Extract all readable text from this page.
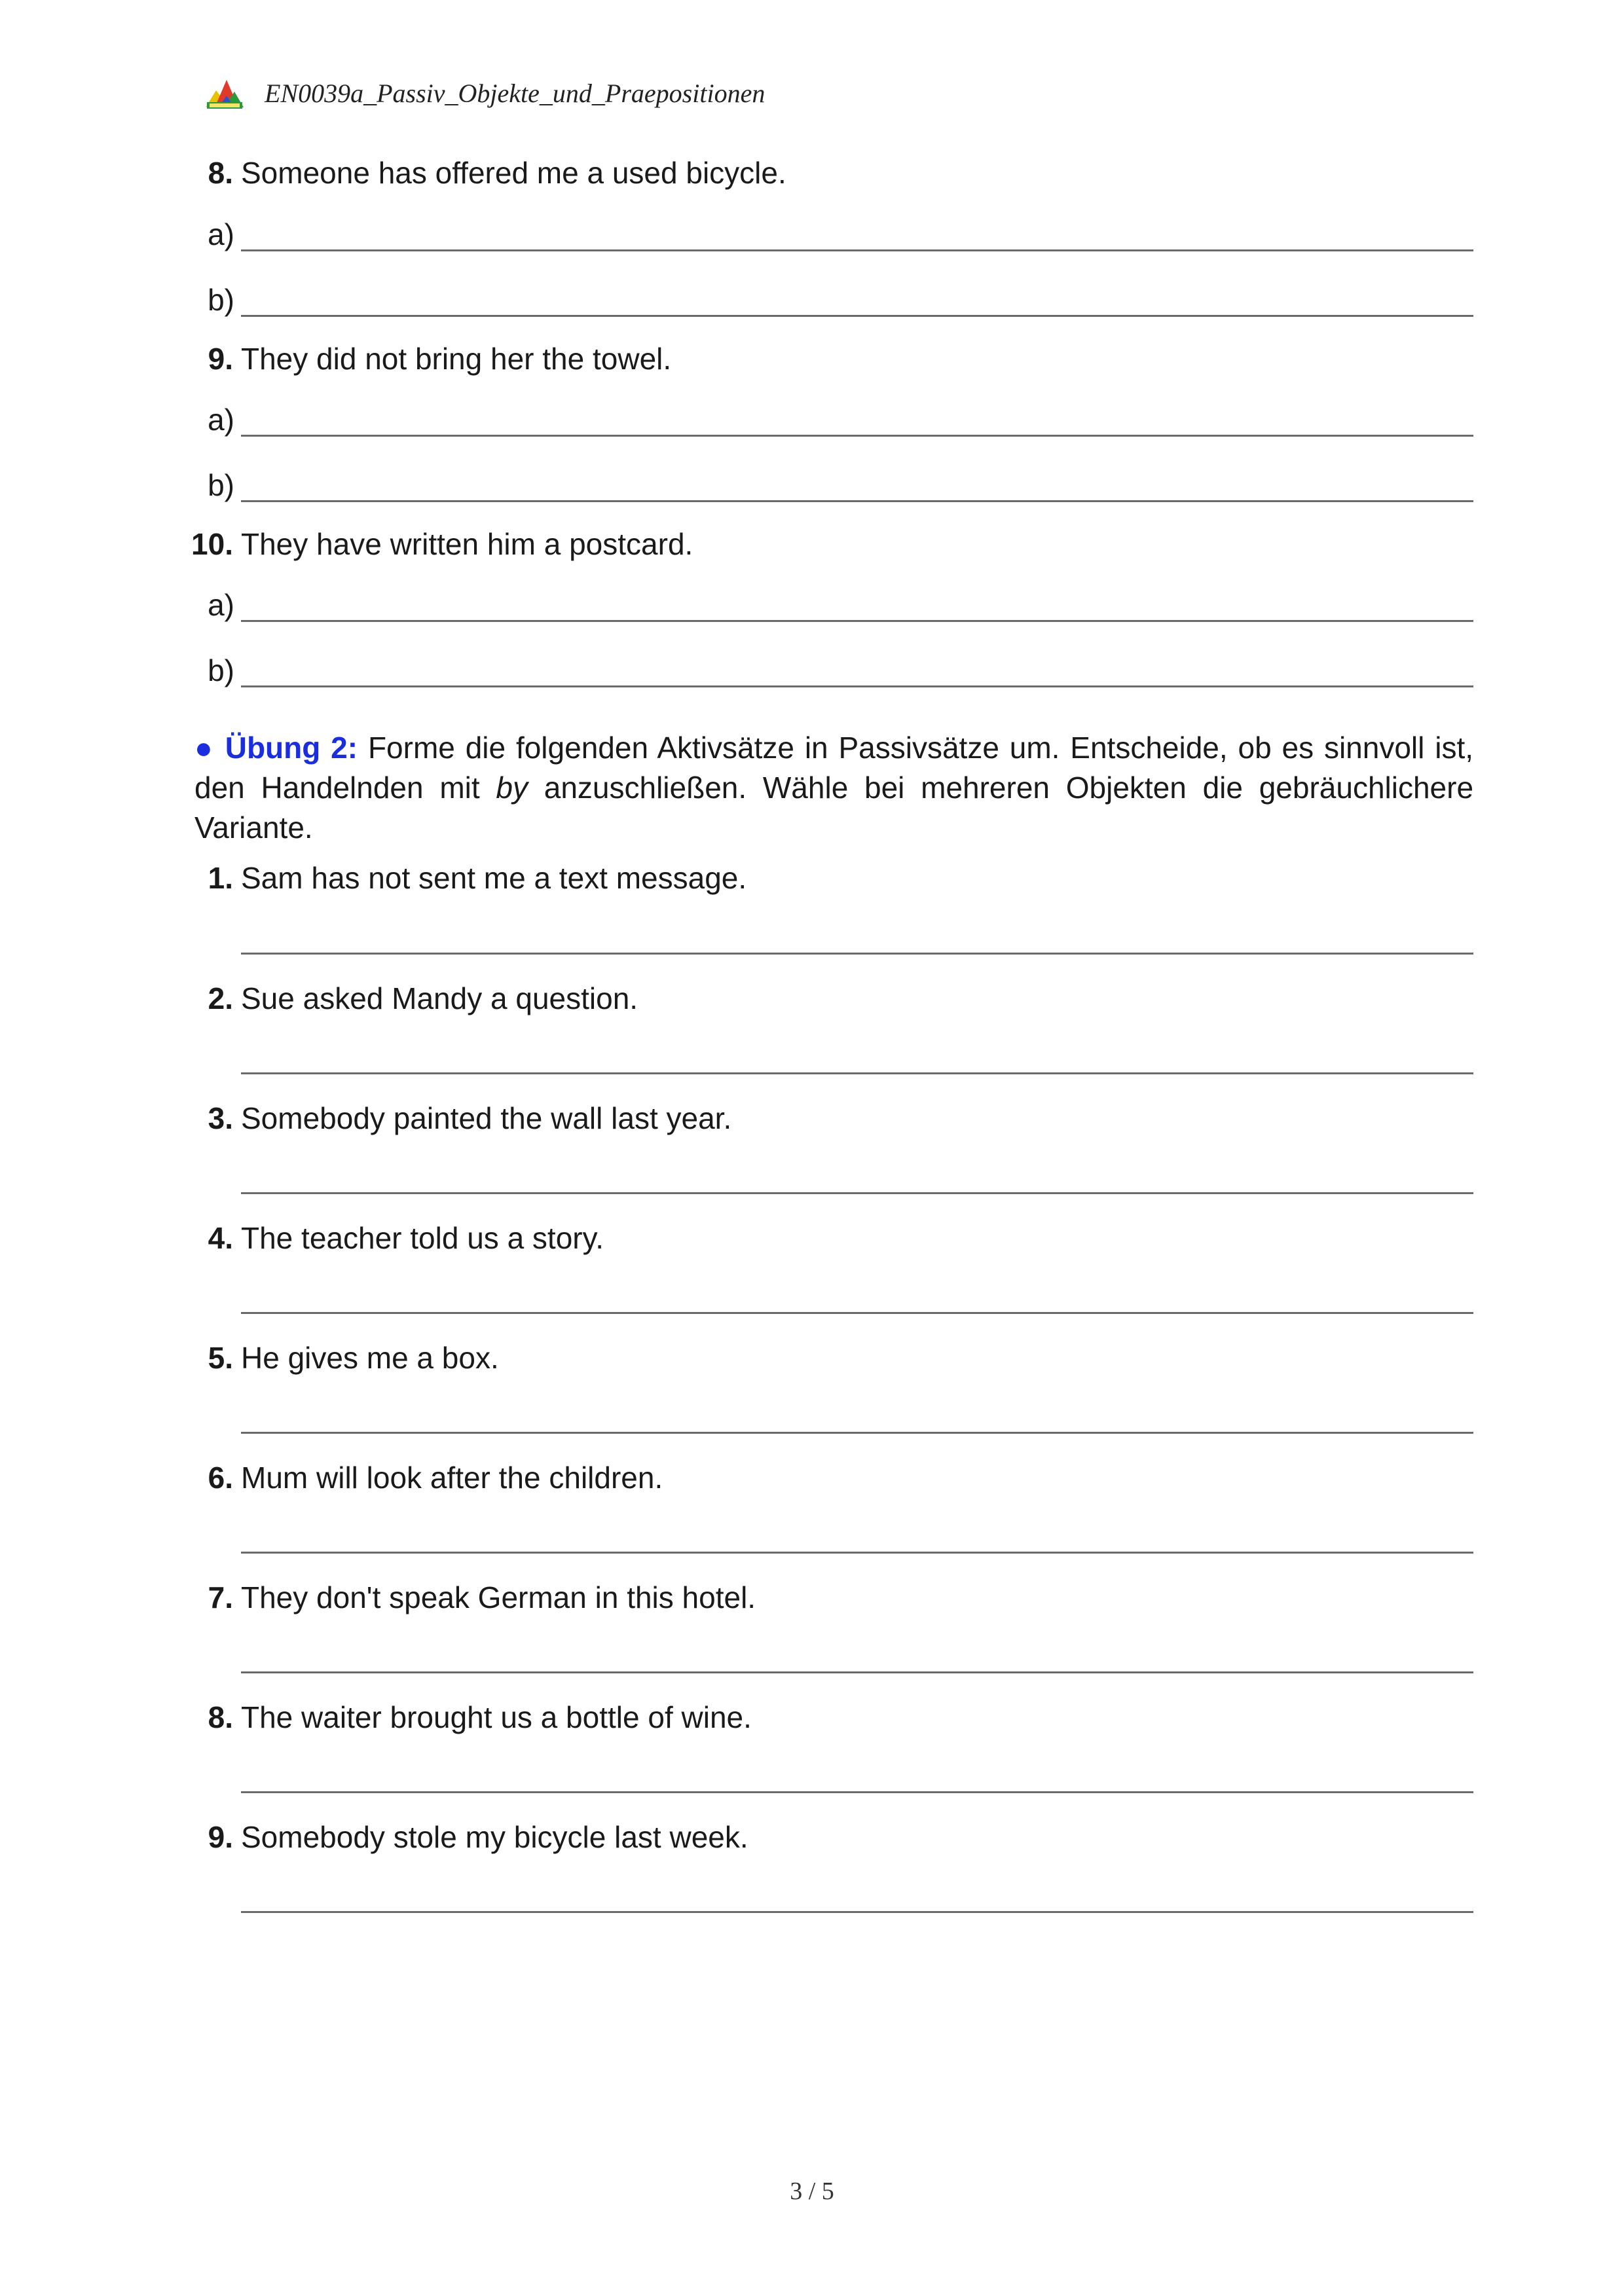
EN0039a_Passiv_Objekte_und_Praepositionen
8. Someone has offered me a used bicycle.
a)
b)
9. They did not bring her the towel.
a)
b)
10. They have written him a postcard.
a)
b)
● Übung 2: Forme die folgenden Aktivsätze in Passivsätze um. Entscheide, ob es sinnvoll ist, den Handelnden mit by anzuschließen. Wähle bei mehreren Objekten die gebräuchlichere Variante.
1. Sam has not sent me a text message.
2. Sue asked Mandy a question.
3. Somebody painted the wall last year.
4. The teacher told us a story.
5. He gives me a box.
6. Mum will look after the children.
7. They don't speak German in this hotel.
8. The waiter brought us a bottle of wine.
9. Somebody stole my bicycle last week.
3 / 5
